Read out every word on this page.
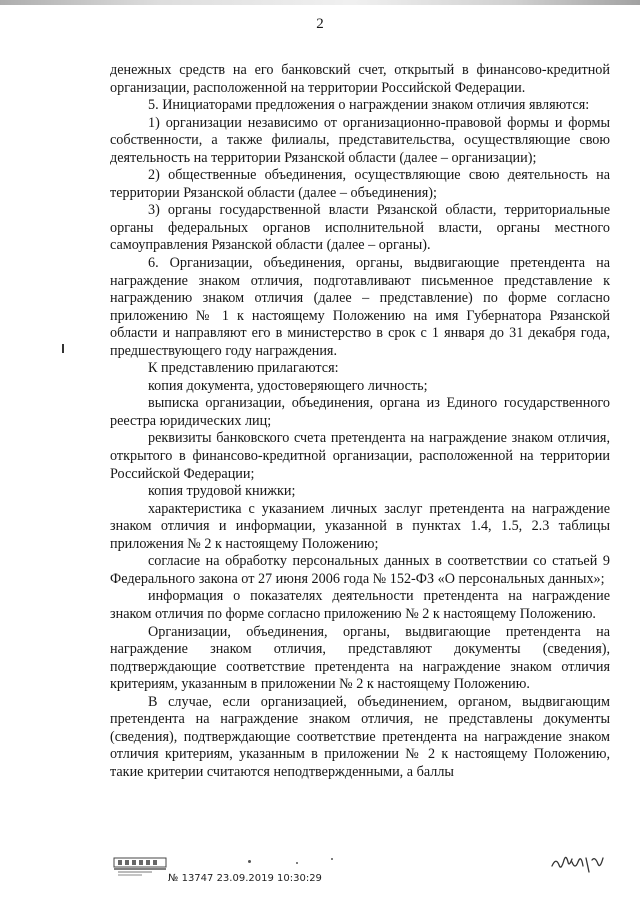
2

денежных средств на его банковский счет, открытый в финансово-кредитной организации, расположенной на территории Российской Федерации.

5. Инициаторами предложения о награждении знаком отличия являются:

1) организации независимо от организационно-правовой формы и формы собственности, а также филиалы, представительства, осуществляющие свою деятельность на территории Рязанской области (далее – организации);

2) общественные объединения, осуществляющие свою деятельность на территории Рязанской области (далее – объединения);

3) органы государственной власти Рязанской области, территориальные органы федеральных органов исполнительной власти, органы местного самоуправления Рязанской области (далее – органы).

6. Организации, объединения, органы, выдвигающие претендента на награждение знаком отличия, подготавливают письменное представление к награждению знаком отличия (далее – представление) по форме согласно приложению № 1 к настоящему Положению на имя Губернатора Рязанской области и направляют его в министерство в срок с 1 января до 31 декабря года, предшествующего году награждения.

К представлению прилагаются:

копия документа, удостоверяющего личность;

выписка организации, объединения, органа из Единого государственного реестра юридических лиц;

реквизиты банковского счета претендента на награждение знаком отличия, открытого в финансово-кредитной организации, расположенной на территории Российской Федерации;

копия трудовой книжки;

характеристика с указанием личных заслуг претендента на награждение знаком отличия и информации, указанной в пунктах 1.4, 1.5, 2.3 таблицы приложения № 2 к настоящему Положению;

согласие на обработку персональных данных в соответствии со статьей 9 Федерального закона от 27 июня 2006 года № 152-ФЗ «О персональных данных»;

информация о показателях деятельности претендента на награждение знаком отличия по форме согласно приложению № 2 к настоящему Положению.

Организации, объединения, органы, выдвигающие претендента на награждение знаком отличия, представляют документы (сведения), подтверждающие соответствие претендента на награждение знаком отличия критериям, указанным в приложении № 2 к настоящему Положению.

В случае, если организацией, объединением, органом, выдвигающим претендента на награждение знаком отличия, не представлены документы (сведения), подтверждающие соответствие претендента на награждение знаком отличия критериям, указанным в приложении № 2 к настоящему Положению, такие критерии считаются неподтвержденными, а баллы

№ 13747 23.09.2019 10:30:29
